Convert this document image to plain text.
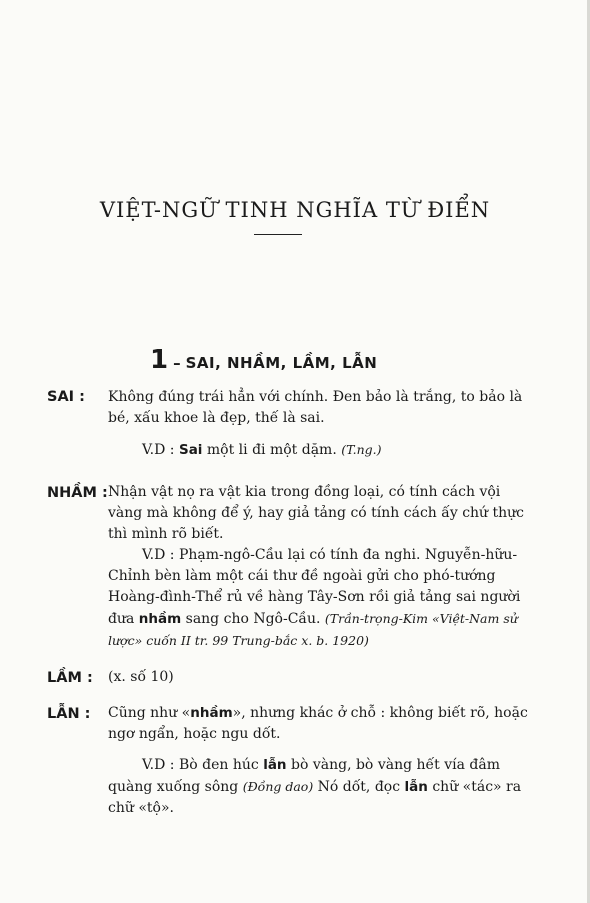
VIỆT-NGỮ TINH NGHĨA TỪ ĐIỂN
1 – SAI, NHẦM, LẦM, LẪN
SAI : Không đúng trái hẳn với chính. Đen bảo là trắng, to bảo là bé, xấu khoe là đẹp, thế là sai.
V.D : Sai một li đi một dặm. (T.ng.)
NHẦM : Nhận vật nọ ra vật kia trong đồng loại, có tính cách vội vàng mà không để ý, hay giả tảng có tính cách ấy chứ thực thì mình rõ biết.
V.D : Phạm-ngô-Cầu lại có tính đa nghi. Nguyễn-hữu-Chỉnh bèn làm một cái thư đề ngoài gửi cho phó-tướng Hoàng-đình-Thể rủ về hàng Tây-Sơn rồi giả tảng sai người đưa nhầm sang cho Ngô-Cầu. (Trần-trọng-Kim «Việt-Nam sử lược» cuốn II tr. 99 Trung-bắc x. b. 1920)
LẦM : (x. số 10)
LẪN : Cũng như «nhầm», nhưng khác ở chỗ : không biết rõ, hoặc ngơ ngẩn, hoặc ngu dốt.
V.D : Bò đen húc lẫn bò vàng, bò vàng hết vía đâm quàng xuống sông (Đồng dao) Nó dốt, đọc lẫn chữ «tác» ra chữ «tộ».
